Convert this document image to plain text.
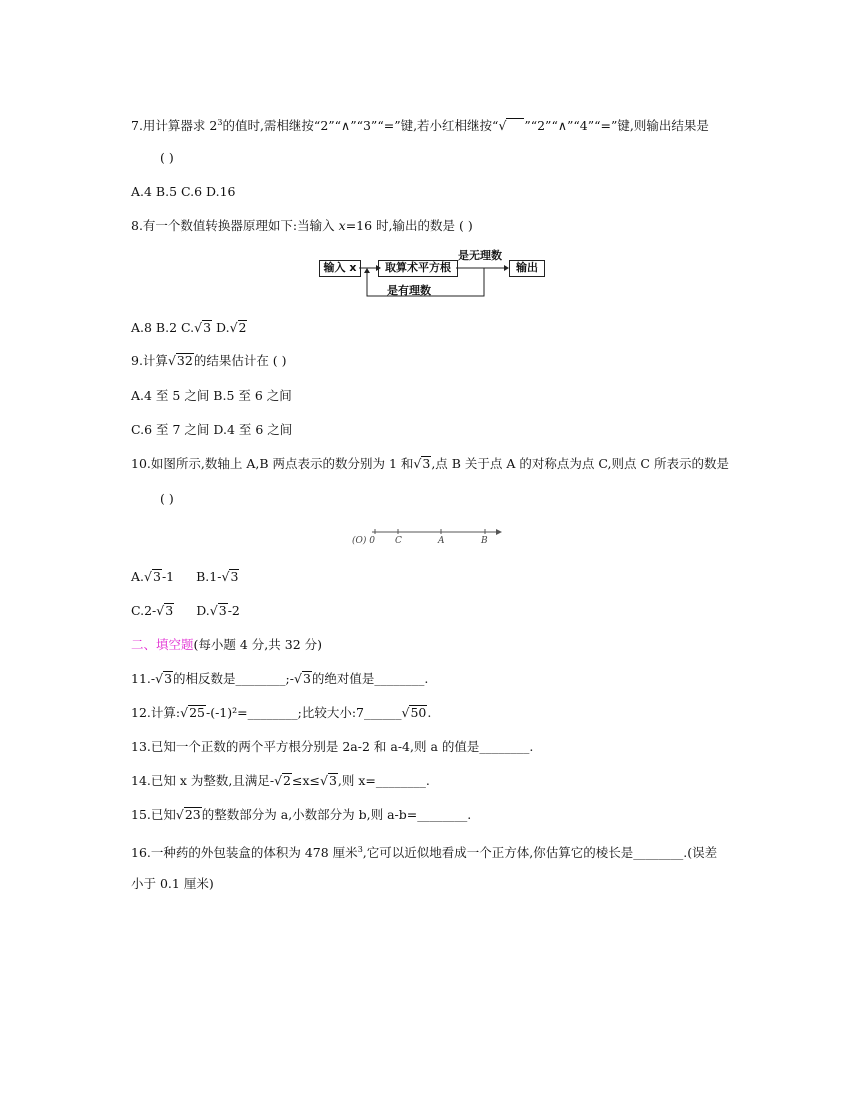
7.用计算器求 $2^3$的值时,需相继按“2”“∧”“3”“=”键,若小红相继按“√ ”“2”“∧”“4”“=”键,则输出结果是
( )
A.4 B.5 C.6 D.16
8.有一个数值转换器原理如下:当输入 x=16 时,输出的数是 ( )
输入 x	取算术平方根	输出
是无理数
是有理数
A.8 B.2 C.√3 D.√2
9.计算√32的结果估计在 ( )
A.4 至 5 之间 B.5 至 6 之间
C.6 至 7 之间 D.4 至 6 之间
10.如图所示,数轴上 A,B 两点表示的数分别为 1 和√3,点 B 关于点 A 的对称点为点 C,则点 C 所表示的数是
( )
(O) 0 C	A	B
A.√3-1 B.1-√3
C.2-√3 D.√3-2
二、填空题(每小题 4 分,共 32 分)
11.-√3的相反数是________;-√3的绝对值是________.
12.计算:√25-(-1)²=________;比较大小:7______√50.
13.已知一个正数的两个平方根分别是 2a-2 和 a-4,则 a 的值是________.
14.已知 x 为整数,且满足-√2≤x≤√3,则 x=________.
15.已知√23的整数部分为 a,小数部分为 b,则 a-b=________.
16.一种药的外包装盒的体积为 478 厘米$^3$,它可以近似地看成一个正方体,你估算它的棱长是________.(误差
小于 0.1 厘米)
